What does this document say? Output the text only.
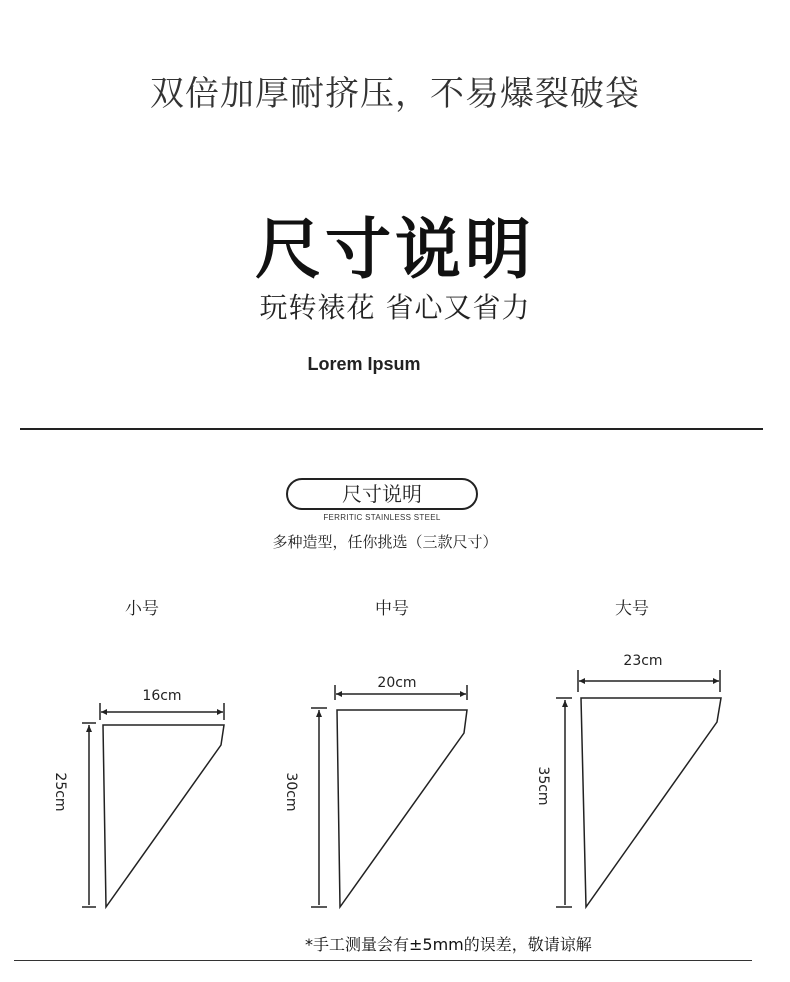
双倍加厚耐挤压，不易爆裂破袋
尺寸说明
玩转裱花 省心又省力
Lorem Ipsum
尺寸说明
FERRITIC STAINLESS STEEL
多种造型，任你挑选（三款尺寸）
小号	中号	大号
16cm
20cm
23cm
25cm	30cm	35cm
*手工测量会有±5mm的误差，敬请谅解
